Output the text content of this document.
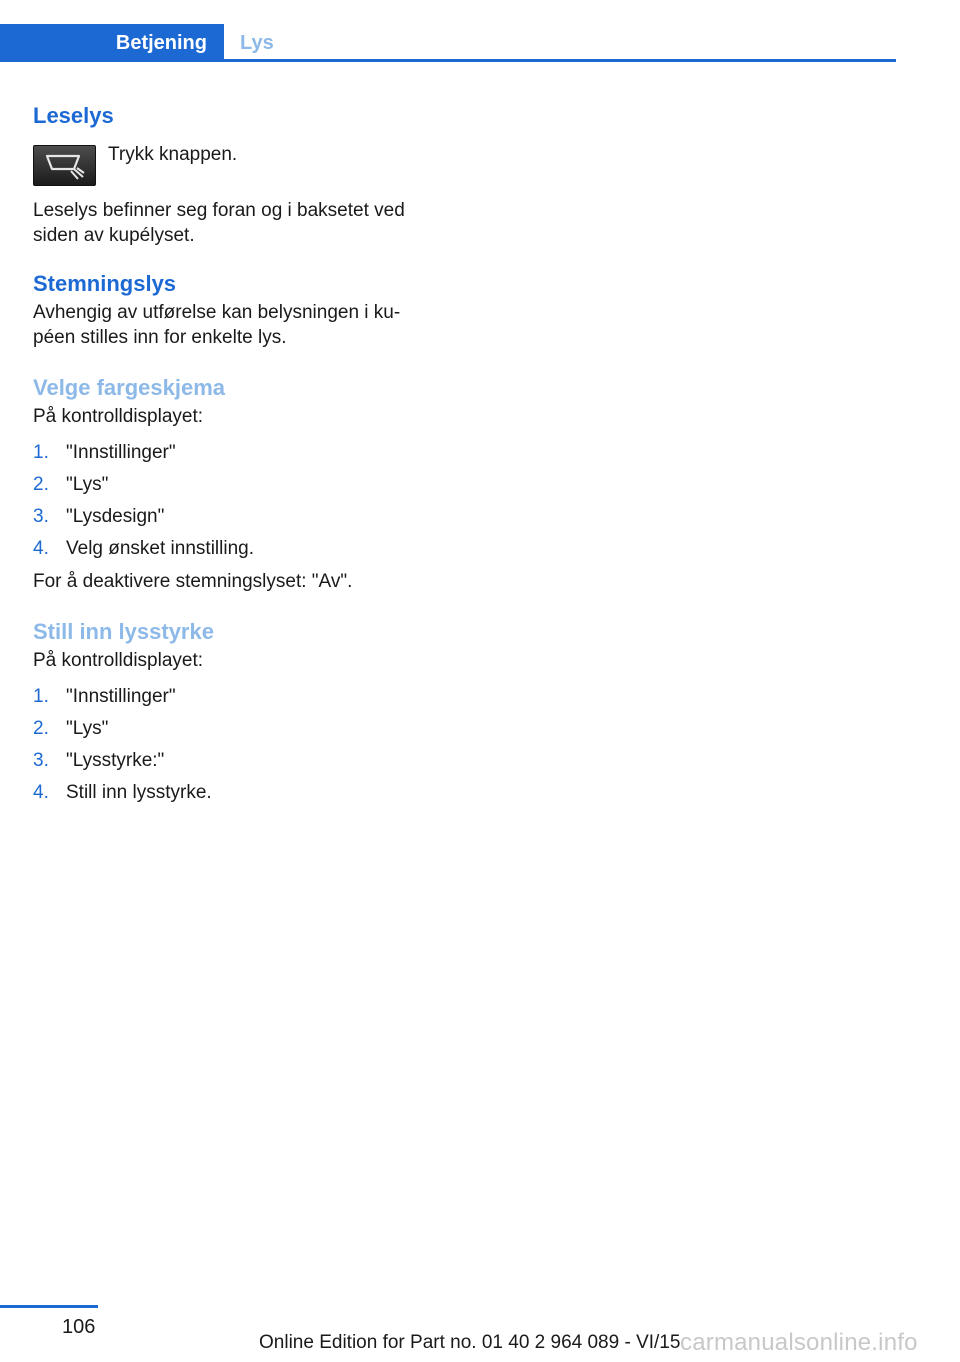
Betjening	Lys
Leselys

Trykk knappen.

Leselys befinner seg foran og i baksetet ved siden av kupélyset.

Stemningslys

Avhengig av utførelse kan belysningen i ku-péen stilles inn for enkelte lys.

Velge fargeskjema

På kontrolldisplayet:

1. "Innstillinger"
2. "Lys"
3. "Lysdesign"
4. Velg ønsket innstilling.

For å deaktivere stemningslyset: "Av".

Still inn lysstyrke

På kontrolldisplayet:

1. "Innstillinger"
2. "Lys"
3. "Lysstyrke:"
4. Still inn lysstyrke.
106
Online Edition for Part no. 01 40 2 964 089 - VI/15 carmanualsonline.info
